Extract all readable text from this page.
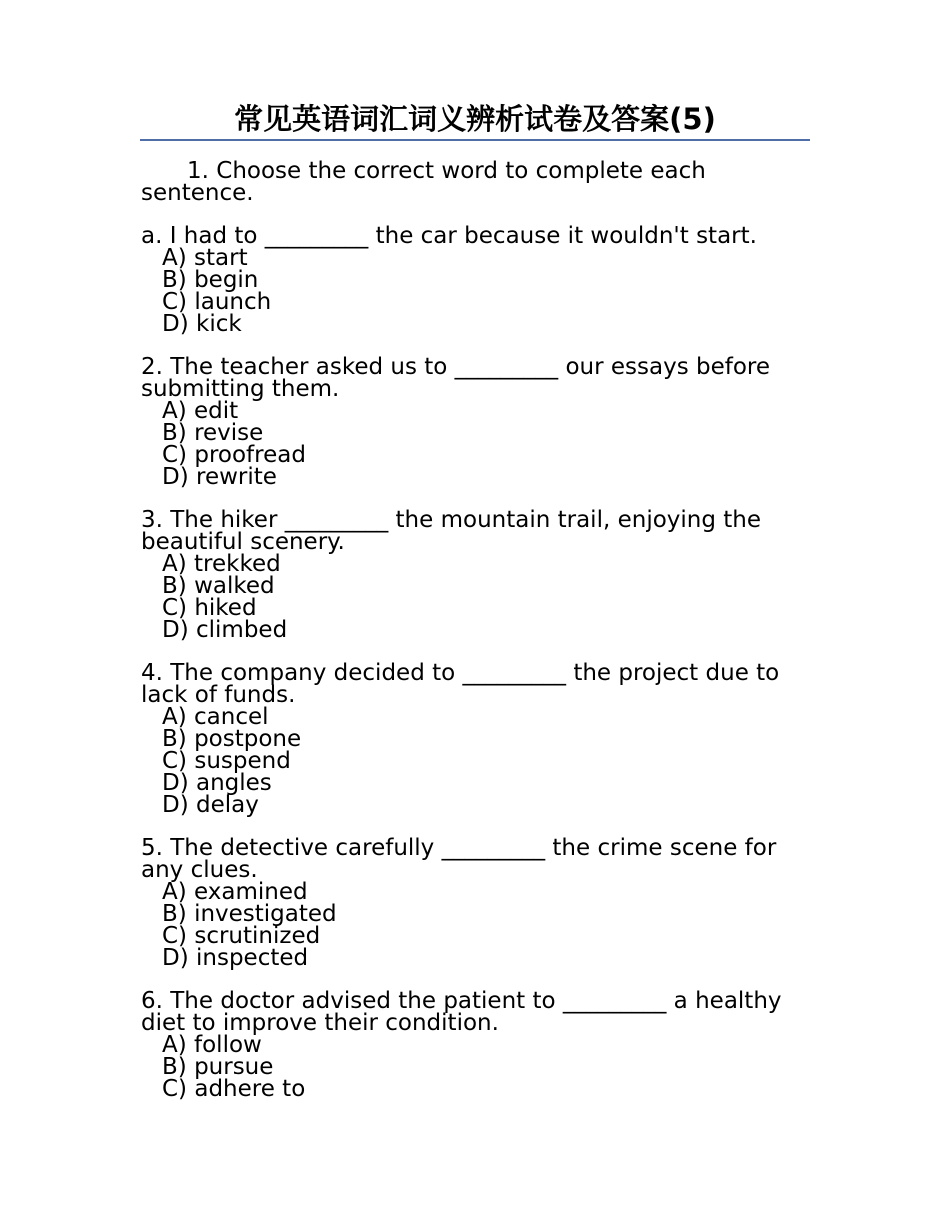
常见英语词汇词义辨析试卷及答案(5)

1. Choose the correct word to complete each sentence.

a. I had to _________ the car because it wouldn't start.

A) start
B) begin
C) launch
D) kick

2. The teacher asked us to _________ our essays before submitting them.

A) edit
B) revise
C) proofread
D) rewrite

3. The hiker _________ the mountain trail, enjoying the beautiful scenery.

A) trekked
B) walked
C) hiked
D) climbed

4. The company decided to _________ the project due to lack of funds.

A) cancel
B) postpone
C) suspend
D) angles
D) delay

5. The detective carefully _________ the crime scene for any clues.

A) examined
B) investigated
C) scrutinized
D) inspected

6. The doctor advised the patient to _________ a healthy diet to improve their condition.

A) follow
B) pursue
C) adhere to
